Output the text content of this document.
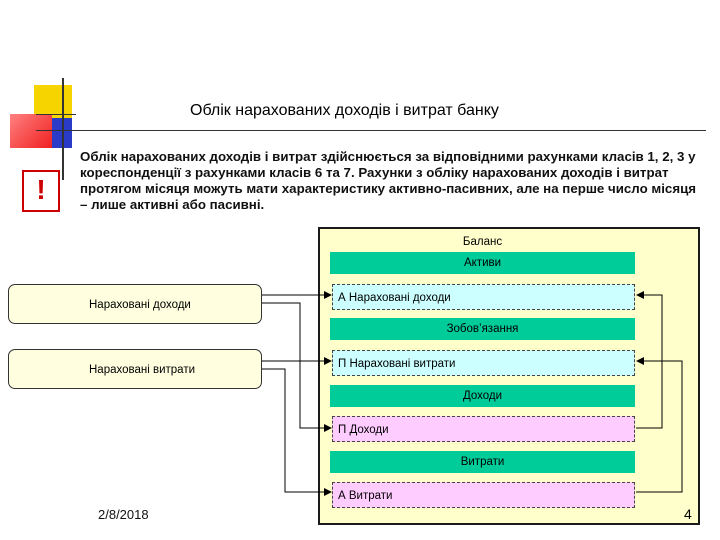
Облік нарахованих доходів і витрат банку
!
Облік нарахованих доходів і витрат здійснюється за відповідними рахунками класів 1, 2, 3 у кореспонденції з рахунками класів 6 та 7. Рахунки з обліку нарахованих доходів і витрат протягом місяця можуть мати характеристику активно-пасивних, але на перше число місяця – лише активні або пасивні.
Баланс
Активи
А Нараховані доходи
Зобов’язання
П Нараховані витрати
Доходи
П Доходи
Витрати
А Витрати
Нараховані доходи
Нараховані витрати
2/8/2018	4
